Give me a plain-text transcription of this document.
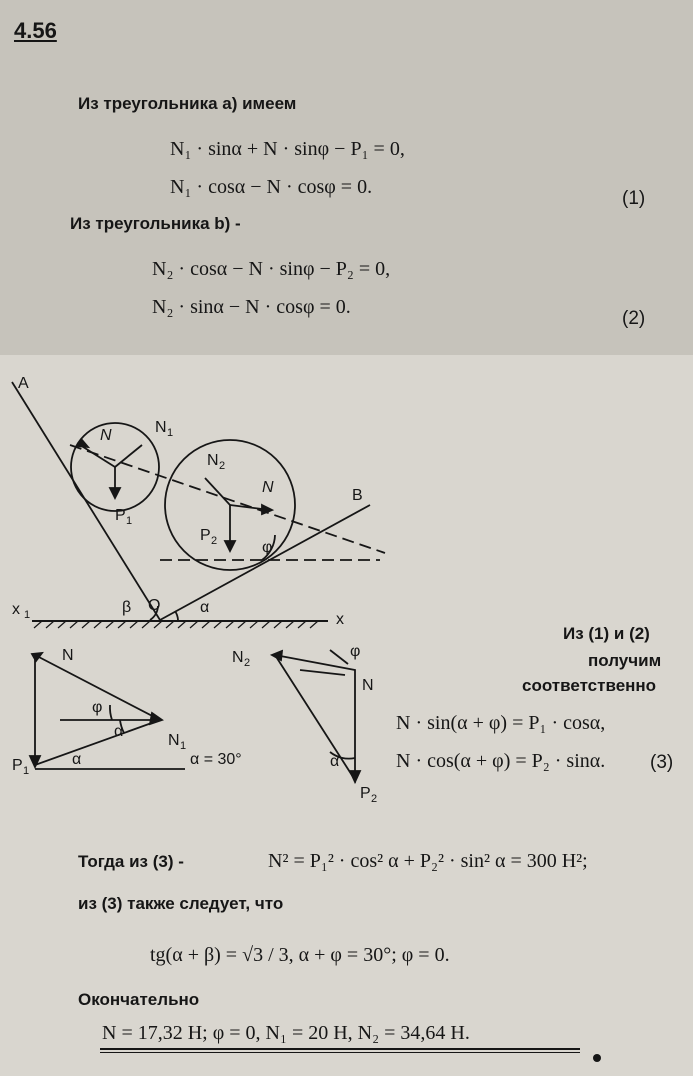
4.56
Из треугольника а) имеем
N₁ · sinα + N · sinφ − P₁ = 0,
N₁ · cosα − N · cosφ = 0.
(1)
Из треугольника b) -
N₂ · cosα − N · sinφ − P₂ = 0,
N₂ · sinα − N · cosφ = 0.
(2)
A
B
O
x 1	x
β	α
φ
N 1
N
N 2
N
P 1
P 2
N
N 1
P 1
φ
α
α	α = 30°
N 2
φ
N
α
P 2
Из (1) и (2)
получим
соответственно
N · sin(α + φ) = P₁ · cosα,
N · cos(α + φ) = P₂ · sinα. (3)
Тогда из (3) -	N² = P₁² · cos² α + P₂² · sin² α = 300 Н²;
из (3) также следует, что
tg(α + β) = √3 / 3, α + φ = 30°; φ = 0.
Окончательно
N = 17,32 Н; φ = 0, N₁ = 20 Н, N₂ = 34,64 Н.
